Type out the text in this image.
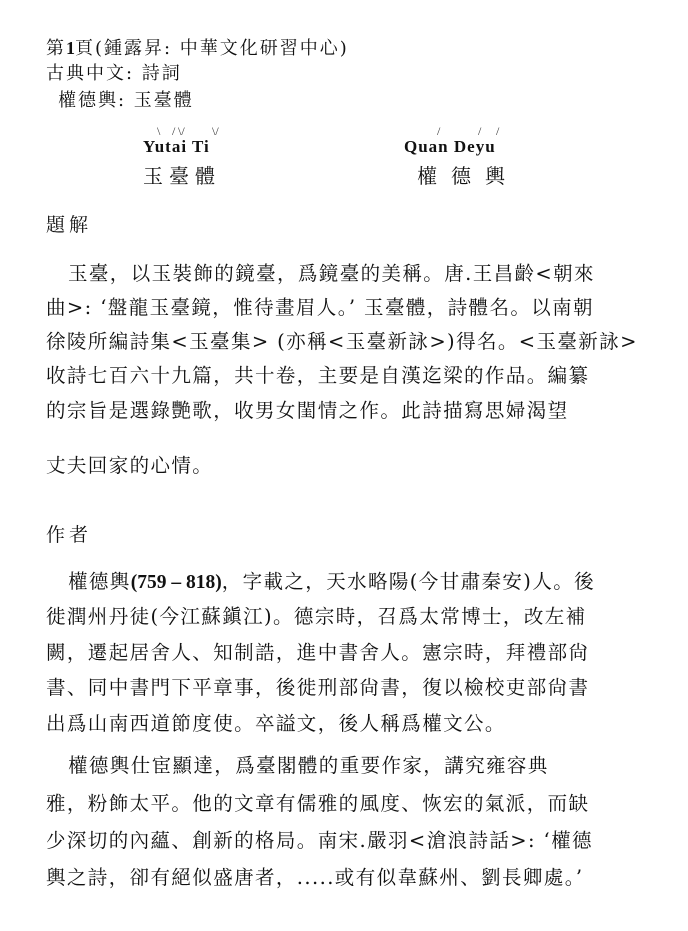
第1頁(鍾露昇: 中華文化研習中心)
古典中文: 詩詞
權德輿: 玉臺體
\ / \/ \/	/	/ /
Yutai Ti	Quan Deyu
玉臺體	權德輿
題解
玉臺，以玉裝飾的鏡臺，爲鏡臺的美稱。唐.王昌齡<朝來
曲>: ‘盤龍玉臺鏡，惟待畫眉人。’ 玉臺體，詩體名。以南朝
徐陵所編詩集<玉臺集> (亦稱<玉臺新詠>)得名。<玉臺新詠>
收詩七百六十九篇，共十卷，主要是自漢迄梁的作品。編纂
的宗旨是選錄艷歌，收男女閨情之作。此詩描寫思婦渴望
丈夫回家的心情。
作者
權德輿(759 – 818)，字載之，天水略陽(今甘肅秦安)人。後
徙潤州丹徒(今江蘇鎭江)。德宗時，召爲太常博士，改左補
闕，遷起居舍人、知制誥，進中書舍人。憲宗時，拜禮部尙
書、同中書門下平章事，後徙刑部尙書，復以檢校吏部尙書
出爲山南西道節度使。卒謚文，後人稱爲權文公。
權德輿仕宦顯達，爲臺閣體的重要作家，講究雍容典
雅，粉飾太平。他的文章有儒雅的風度、恢宏的氣派，而缺
少深切的內蘊、創新的格局。南宋.嚴羽<滄浪詩話>: ‘權德
輿之詩，卻有絕似盛唐者，.....或有似韋蘇州、劉長卿處。’
